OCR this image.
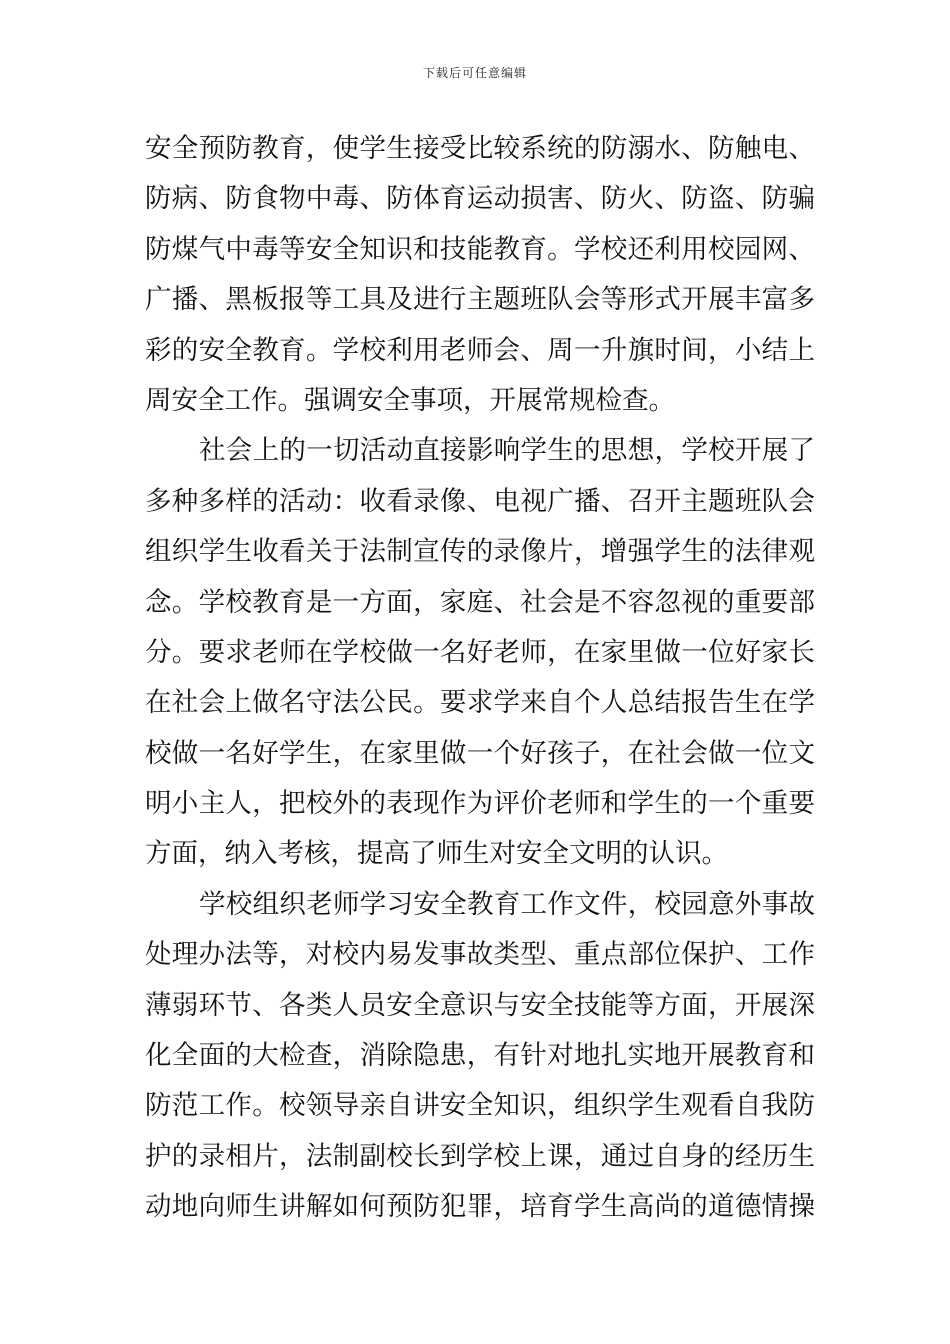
下载后可任意编辑
安全预防教育，使学生接受比较系统的防溺水、防触电、
防病、防食物中毒、防体育运动损害、防火、防盗、防骗
防煤气中毒等安全知识和技能教育。学校还利用校园网、
广播、黑板报等工具及进行主题班队会等形式开展丰富多
彩的安全教育。学校利用老师会、周一升旗时间，小结上
周安全工作。强调安全事项，开展常规检查。
社会上的一切活动直接影响学生的思想，学校开展了
多种多样的活动：收看录像、电视广播、召开主题班队会
组织学生收看关于法制宣传的录像片，增强学生的法律观
念。学校教育是一方面，家庭、社会是不容忽视的重要部
分。要求老师在学校做一名好老师，在家里做一位好家长
在社会上做名守法公民。要求学来自个人总结报告生在学
校做一名好学生，在家里做一个好孩子，在社会做一位文
明小主人，把校外的表现作为评价老师和学生的一个重要
方面，纳入考核，提高了师生对安全文明的认识。
学校组织老师学习安全教育工作文件，校园意外事故
处理办法等，对校内易发事故类型、重点部位保护、工作
薄弱环节、各类人员安全意识与安全技能等方面，开展深
化全面的大检查，消除隐患，有针对地扎实地开展教育和
防范工作。校领导亲自讲安全知识，组织学生观看自我防
护的录相片，法制副校长到学校上课，通过自身的经历生
动地向师生讲解如何预防犯罪，培育学生高尚的道德情操
